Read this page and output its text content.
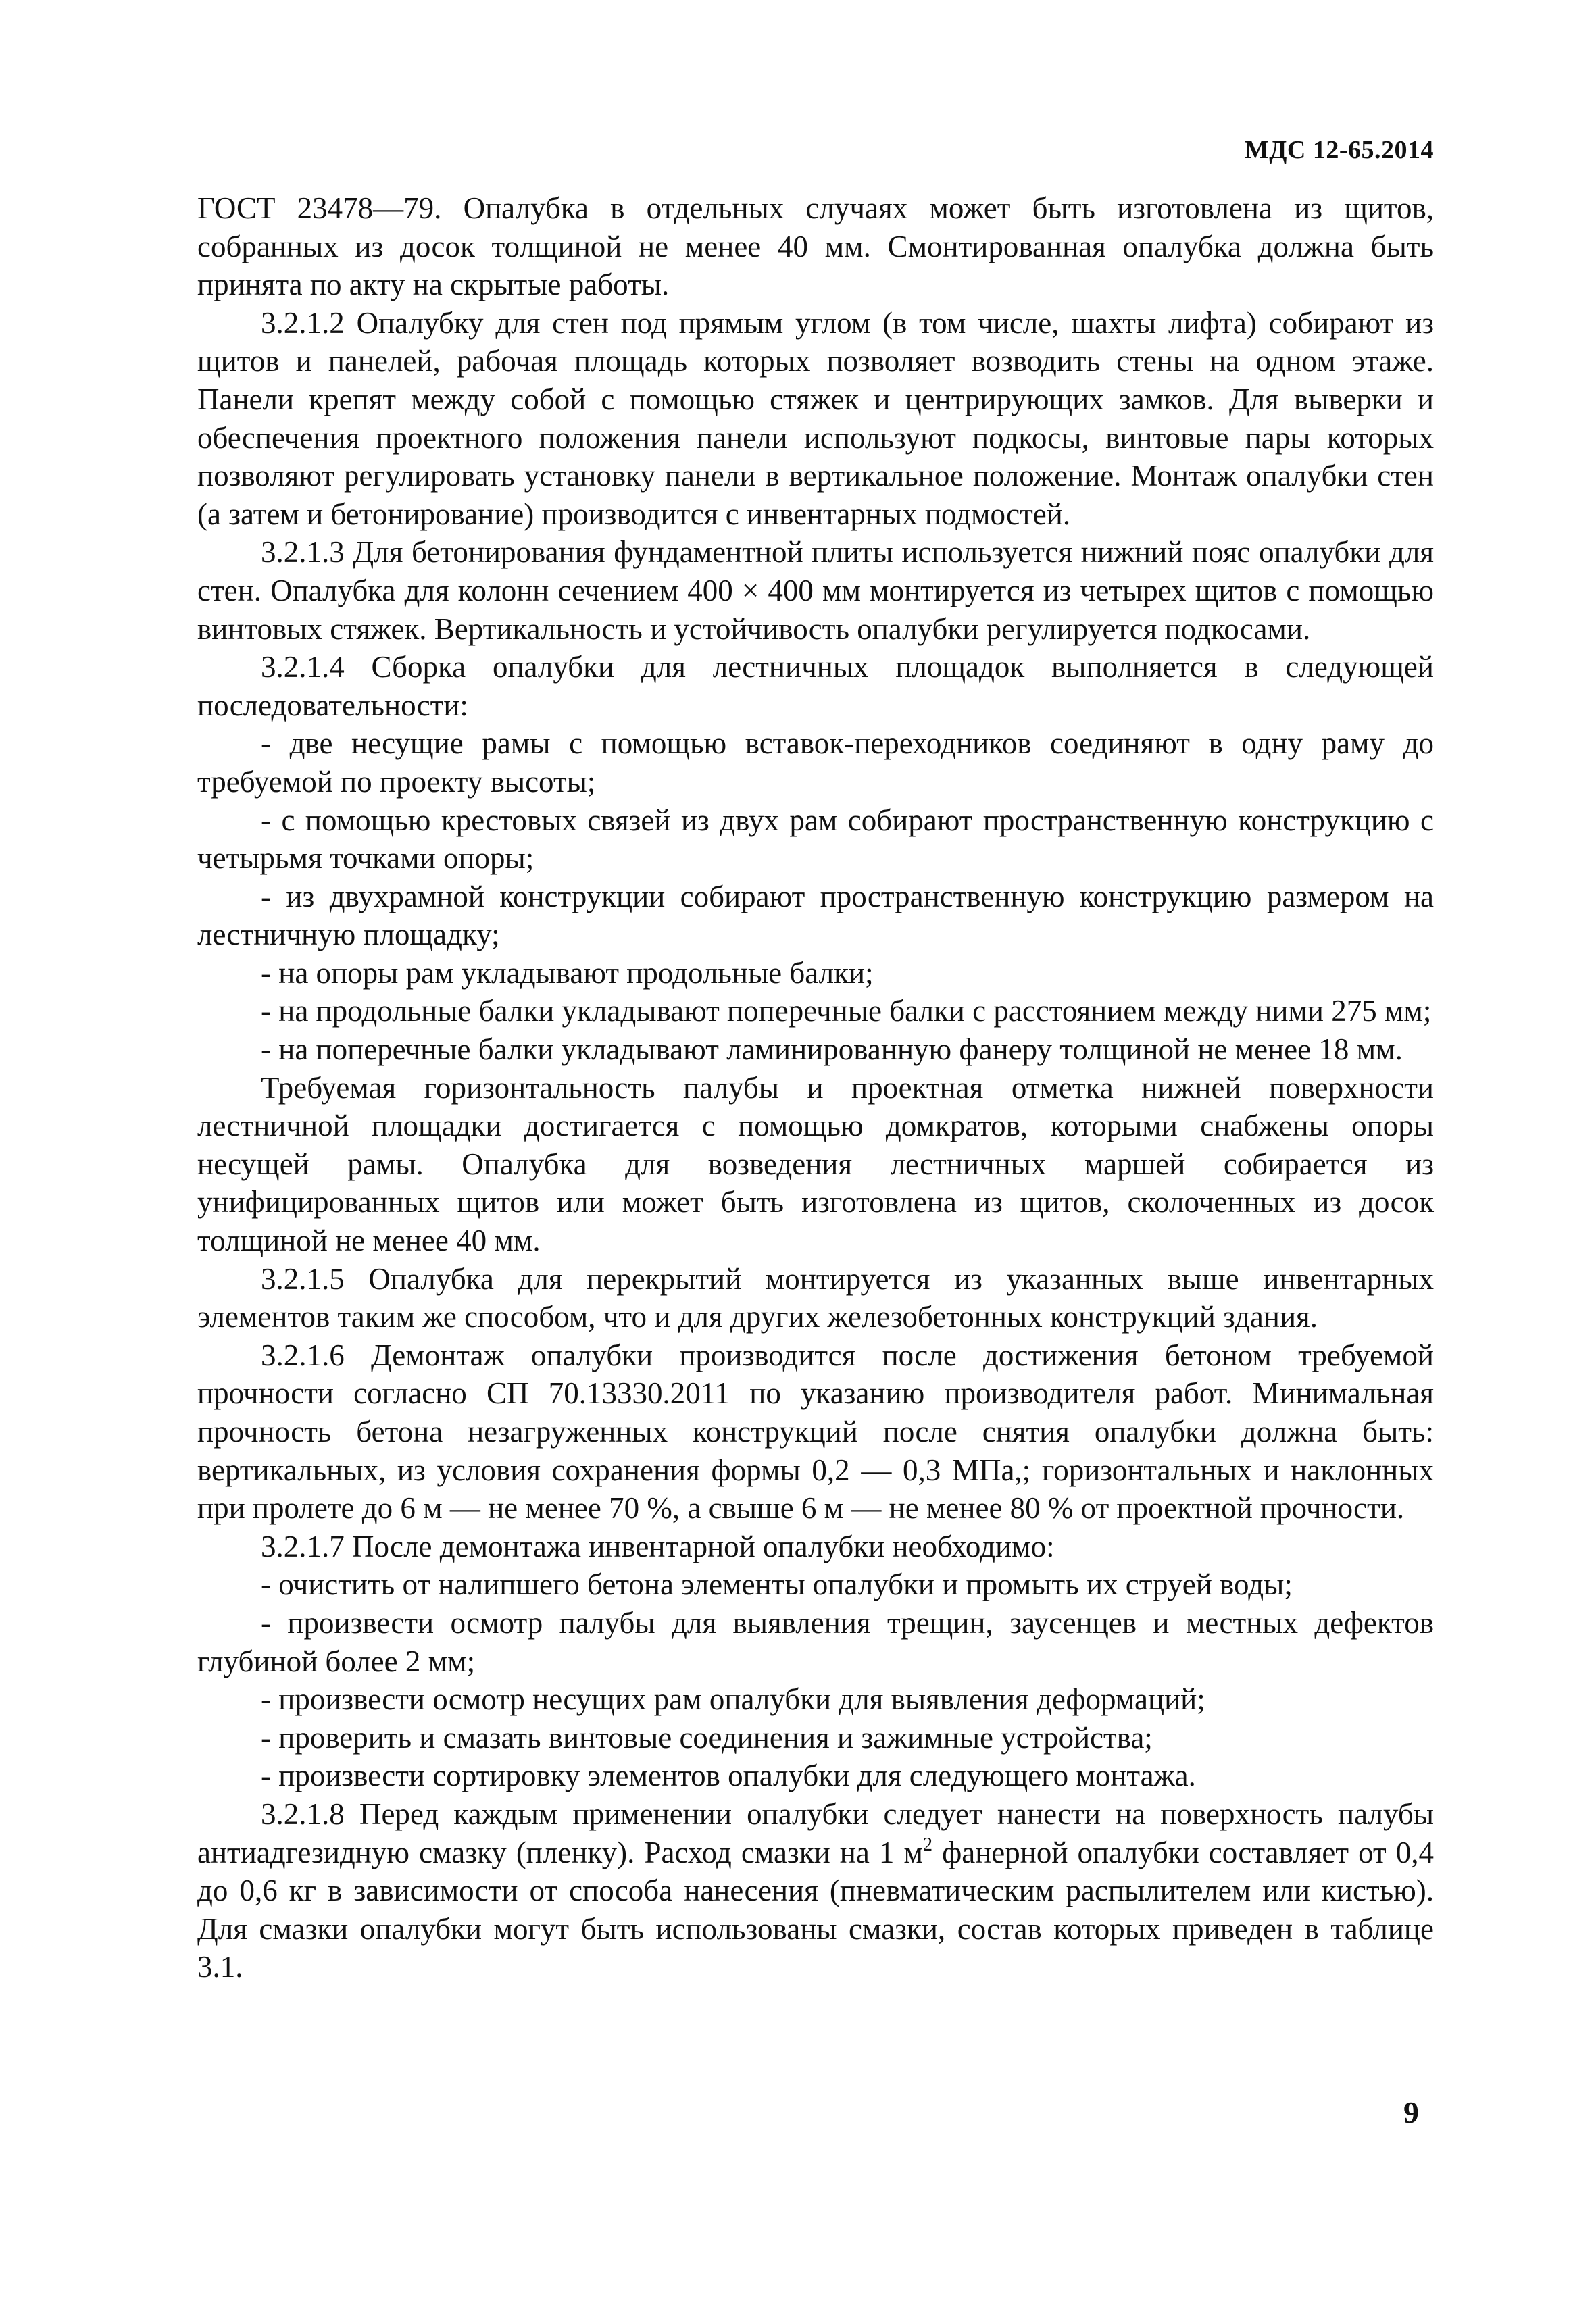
МДС 12-65.2014

ГОСТ 23478—79. Опалубка в отдельных случаях может быть изготовлена из щитов, собранных из досок толщиной не менее 40 мм. Смонтированная опалубка должна быть принята по акту на скрытые работы.

3.2.1.2 Опалубку для стен под прямым углом (в том числе, шахты лифта) собирают из щитов и панелей, рабочая площадь которых позволяет возводить стены на одном этаже. Панели крепят между собой с помощью стяжек и центрирующих замков. Для выверки и обеспечения проектного положения панели используют подкосы, винтовые пары которых позволяют регулировать установку панели в вертикальное положение. Монтаж опалубки стен (а затем и бетонирование) производится с инвентарных подмостей.

3.2.1.3 Для бетонирования фундаментной плиты используется нижний пояс опалубки для стен. Опалубка для колонн сечением 400 × 400 мм монтируется из четырех щитов с помощью винтовых стяжек. Вертикальность и устойчивость опалубки регулируется подкосами.

3.2.1.4 Сборка опалубки для лестничных площадок выполняется в следующей последовательности:

- две несущие рамы с помощью вставок-переходников соединяют в одну раму до требуемой по проекту высоты;

- с помощью крестовых связей из двух рам собирают пространственную конструкцию с четырьмя точками опоры;

- из двухрамной конструкции собирают пространственную конструкцию размером на лестничную площадку;

- на опоры рам укладывают продольные балки;

- на продольные балки укладывают поперечные балки с расстоянием между ними 275 мм;

- на поперечные балки укладывают ламинированную фанеру толщиной не менее 18 мм.

Требуемая горизонтальность палубы и проектная отметка нижней поверхности лестничной площадки достигается с помощью домкратов, которыми снабжены опоры несущей рамы. Опалубка для возведения лестничных маршей собирается из унифицированных щитов или может быть изготовлена из щитов, сколоченных из досок толщиной не менее 40 мм.

3.2.1.5 Опалубка для перекрытий монтируется из указанных выше инвентарных элементов таким же способом, что и для других железобетонных конструкций здания.

3.2.1.6 Демонтаж опалубки производится после достижения бетоном требуемой прочности согласно СП 70.13330.2011 по указанию производителя работ. Минимальная прочность бетона незагруженных конструкций после снятия опалубки должна быть: вертикальных, из условия сохранения формы 0,2 — 0,3 МПа,; горизонтальных и наклонных при пролете до 6 м — не менее 70 %, а свыше 6 м — не менее 80 % от проектной прочности.

3.2.1.7 После демонтажа инвентарной опалубки необходимо:

- очистить от налипшего бетона элементы опалубки и промыть их струей воды;

- произвести осмотр палубы для выявления трещин, заусенцев и местных дефектов глубиной более 2 мм;

- произвести осмотр несущих рам опалубки для выявления деформаций;

- проверить и смазать винтовые соединения и зажимные устройства;

- произвести сортировку элементов опалубки для следующего монтажа.

3.2.1.8 Перед каждым применении опалубки следует нанести на поверхность палубы антиадгезидную смазку (пленку). Расход смазки на 1 $м^2$ фанерной опалубки составляет от 0,4 до 0,6 кг в зависимости от способа нанесения (пневматическим распылителем или кистью). Для смазки опалубки могут быть использованы смазки, состав которых приведен в таблице 3.1.

9
